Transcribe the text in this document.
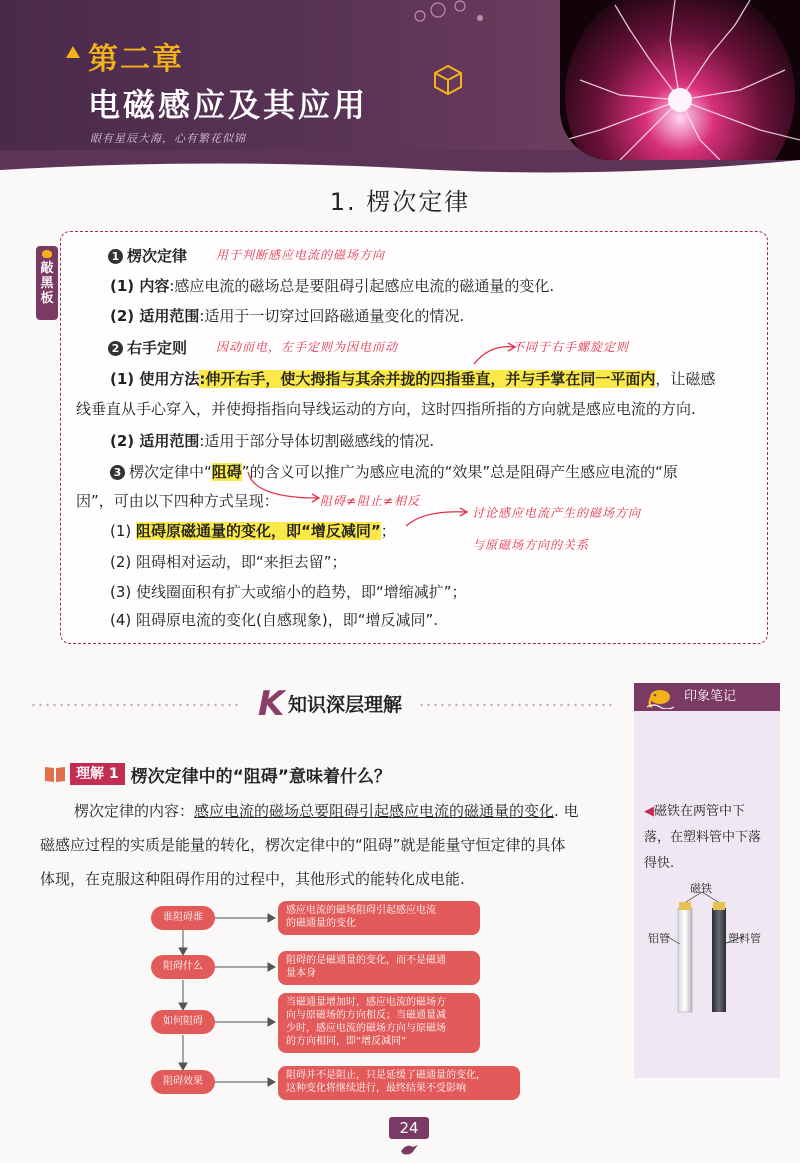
第二章
电磁感应及其应用
眼有星辰大海，心有繁花似锦
1. 楞次定律
敲
黑
板
1 楞次定律 用于判断感应电流的磁场方向
(1) 内容:感应电流的磁场总是要阻碍引起感应电流的磁通量的变化.
(2) 适用范围:适用于一切穿过回路磁通量变化的情况.
2 右手定则 因动而电，左手定则为因电而动	不同于右手螺旋定则
(1) 使用方法:伸开右手，使大拇指与其余并拢的四指垂直，并与手掌在同一平面内，让磁感
线垂直从手心穿入，并使拇指指向导线运动的方向，这时四指所指的方向就是感应电流的方向.
(2) 适用范围:适用于部分导体切割磁感线的情况.
3 楞次定律中“阻碍”的含义可以推广为感应电流的“效果”总是阻碍产生感应电流的“原
因”，可由以下四种方式呈现：	阻碍≠阻止≠相反
(1) 阻碍原磁通量的变化，即“增反减同”；
讨论感应电流产生的磁场方向
与原磁场方向的关系
(2) 阻碍相对运动，即“来拒去留”；
(3) 使线圈面积有扩大或缩小的趋势，即“增缩减扩”；
(4) 阻碍原电流的变化(自感现象)，即“增反减同”.
K 知识深层理解
理解 1 楞次定律中的“阻碍”意味着什么？
楞次定律的内容：感应电流的磁场总要阻碍引起感应电流的磁通量的变化. 电
磁感应过程的实质是能量的转化，楞次定律中的“阻碍”就是能量守恒定律的具体
体现，在克服这种阻碍作用的过程中，其他形式的能转化成电能.
谁阻碍谁
阻碍什么
如何阻碍
阻碍效果
感应电流的磁场阻碍引起感应电流
的磁通量的变化
阻碍的是磁通量的变化，而不是磁通
量本身
当磁通量增加时，感应电流的磁场方
向与原磁场的方向相反；当磁通量减
少时，感应电流的磁场方向与原磁场
的方向相同，即“增反减同”
阻碍并不是阻止，只是延缓了磁通量的变化，
这种变化将继续进行，最终结果不受影响
印象笔记
◀磁铁在两管中下
落，在塑料管中下落
得快.
磁铁
铝管	塑料管
24
